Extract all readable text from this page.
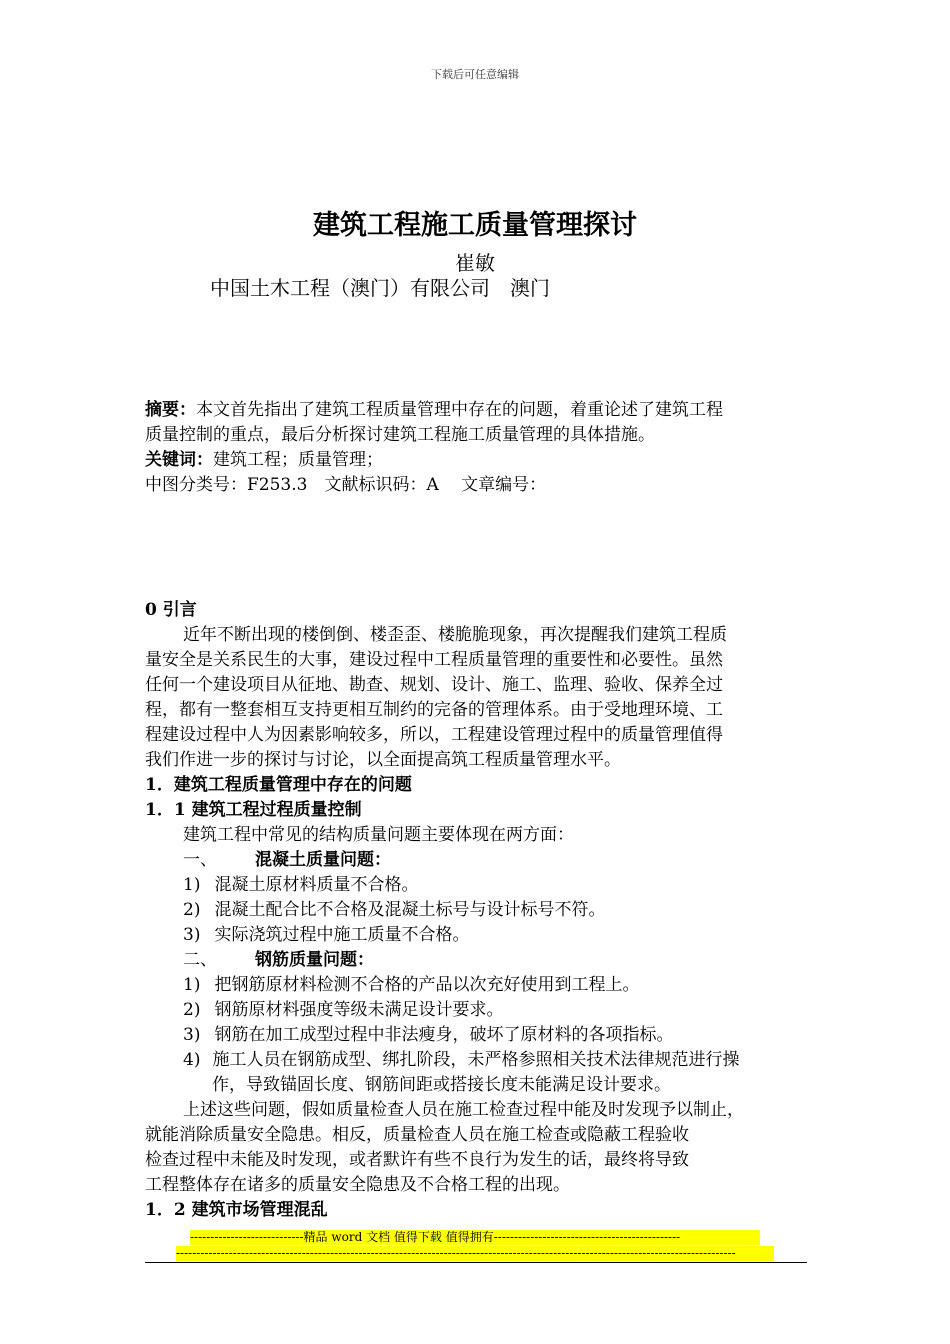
下载后可任意编辑
建筑工程施工质量管理探讨
崔敏
中国土木工程（澳门）有限公司　澳门
摘要：本文首先指出了建筑工程质量管理中存在的问题，着重论述了建筑工程
质量控制的重点，最后分析探讨建筑工程施工质量管理的具体措施。
关键词：建筑工程；质量管理；
中图分类号：F253.3　文献标识码：A　 文章编号：
0 引言
近年不断出现的楼倒倒、楼歪歪、楼脆脆现象，再次提醒我们建筑工程质
量安全是关系民生的大事，建设过程中工程质量管理的重要性和必要性。虽然
任何一个建设项目从征地、勘查、规划、设计、施工、监理、验收、保养全过
程，都有一整套相互支持更相互制约的完备的管理体系。由于受地理环境、工
程建设过程中人为因素影响较多，所以，工程建设管理过程中的质量管理值得
我们作进一步的探讨与讨论，以全面提高筑工程质量管理水平。
1．建筑工程质量管理中存在的问题
1．1 建筑工程过程质量控制
建筑工程中常见的结构质量问题主要体现在两方面：
一、 混凝土质量问题：
1) 混凝土原材料质量不合格。
2) 混凝土配合比不合格及混凝土标号与设计标号不符。
3) 实际浇筑过程中施工质量不合格。
二、 钢筋质量问题：
1) 把钢筋原材料检测不合格的产品以次充好使用到工程上。
2) 钢筋原材料强度等级未满足设计要求。
3) 钢筋在加工成型过程中非法瘦身，破坏了原材料的各项指标。
4) 施工人员在钢筋成型、绑扎阶段，未严格参照相关技术法律规范进行操
作，导致锚固长度、钢筋间距或搭接长度未能满足设计要求。
上述这些问题，假如质量检查人员在施工检查过程中能及时发现予以制止，
就能消除质量安全隐患。相反，质量检查人员在施工检查或隐蔽工程验收
检查过程中未能及时发现，或者默许有些不良行为发生的话，最终将导致
工程整体存在诸多的质量安全隐患及不合格工程的出现。
1．2 建筑市场管理混乱
----------------------------精品 word 文档 值得下载 值得拥有----------------------------------------------
------------------------------------------------------------------------------------------------------------------------------------------
